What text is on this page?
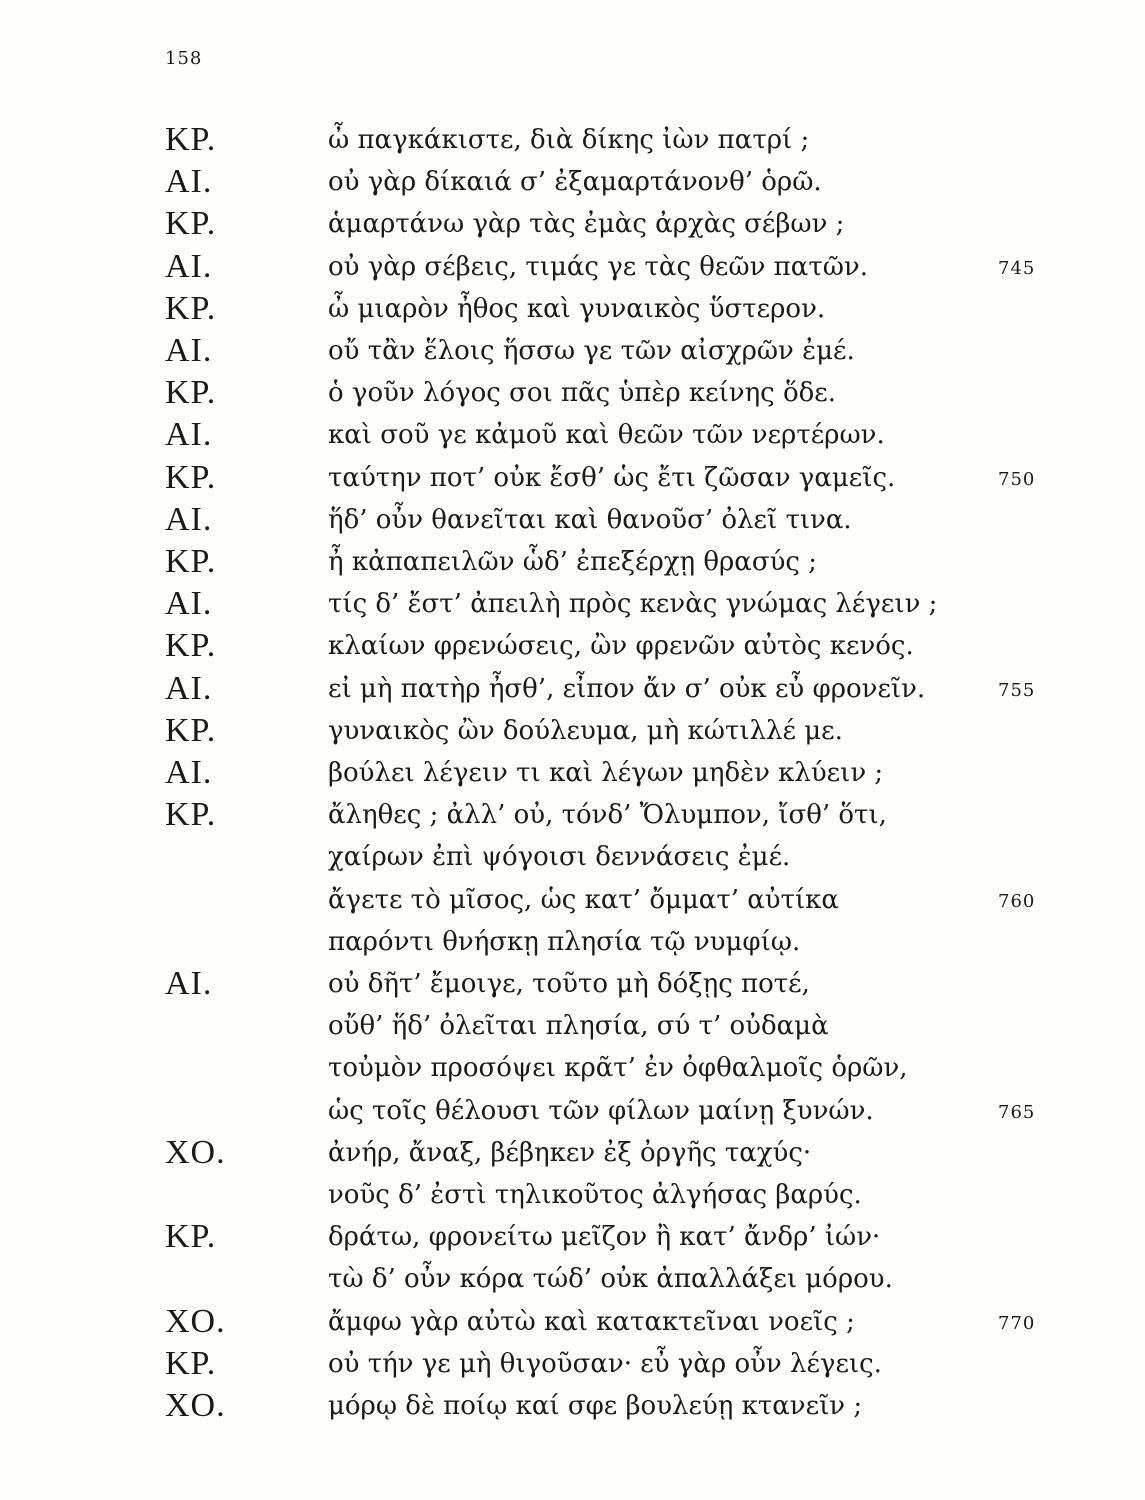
158
KP.	ὦ παγκάκιστε, διὰ δίκης ἰὼν πατρί ;
AI.	οὐ γὰρ δίκαιά σ’ ἐξαμαρτάνονθ’ ὁρῶ.
KP.	ἁμαρτάνω γὰρ τὰς ἐμὰς ἀρχὰς σέβων ;
AI.	οὐ γὰρ σέβεις, τιμάς γε τὰς θεῶν πατῶν.	745
KP.	ὦ μιαρὸν ἦθος καὶ γυναικὸς ὕστερον.
AI.	οὔ τἂν ἕλοις ἥσσω γε τῶν αἰσχρῶν ἐμέ.
KP.	ὁ γοῦν λόγος σοι πᾶς ὑπὲρ κείνης ὅδε.
AI.	καὶ σοῦ γε κἀμοῦ καὶ θεῶν τῶν νερτέρων.
KP.	ταύτην ποτ’ οὐκ ἔσθ’ ὡς ἔτι ζῶσαν γαμεῖς.	750
AI.	ἥδ’ οὖν θανεῖται καὶ θανοῦσ’ ὀλεῖ τινα.
KP.	ἦ κἀπαπειλῶν ὧδ’ ἐπεξέρχῃ θρασύς ;
AI.	τίς δ’ ἔστ’ ἀπειλὴ πρὸς κενὰς γνώμας λέγειν ;
KP.	κλαίων φρενώσεις, ὢν φρενῶν αὐτὸς κενός.
AI.	εἰ μὴ πατὴρ ἦσθ’, εἶπον ἄν σ’ οὐκ εὖ φρονεῖν.	755
KP.	γυναικὸς ὢν δούλευμα, μὴ κώτιλλέ με.
AI.	βούλει λέγειν τι καὶ λέγων μηδὲν κλύειν ;
KP.	ἄληθες ; ἀλλ’ οὐ, τόνδ’ Ὄλυμπον, ἴσθ’ ὅτι,
χαίρων ἐπὶ ψόγοισι δεννάσεις ἐμέ.
ἄγετε τὸ μῖσος, ὡς κατ’ ὄμματ’ αὐτίκα	760
παρόντι θνήσκῃ πλησία τῷ νυμφίῳ.
AI.	οὐ δῆτ’ ἔμοιγε, τοῦτο μὴ δόξῃς ποτέ,
οὔθ’ ἥδ’ ὀλεῖται πλησία, σύ τ’ οὐδαμὰ
τοὐμὸν προσόψει κρᾶτ’ ἐν ὀφθαλμοῖς ὁρῶν,
ὡς τοῖς θέλουσι τῶν φίλων μαίνῃ ξυνών.	765
XO.	ἀνήρ, ἄναξ, βέβηκεν ἐξ ὀργῆς ταχύς·
νοῦς δ’ ἐστὶ τηλικοῦτος ἀλγήσας βαρύς.
KP.	δράτω, φρονείτω μεῖζον ἢ κατ’ ἄνδρ’ ἰών·
τὼ δ’ οὖν κόρα τώδ’ οὐκ ἀπαλλάξει μόρου.
XO.	ἄμφω γὰρ αὐτὼ καὶ κατακτεῖναι νοεῖς ;	770
KP.	οὐ τήν γε μὴ θιγοῦσαν· εὖ γὰρ οὖν λέγεις.
XO.	μόρῳ δὲ ποίῳ καί σφε βουλεύῃ κτανεῖν ;
